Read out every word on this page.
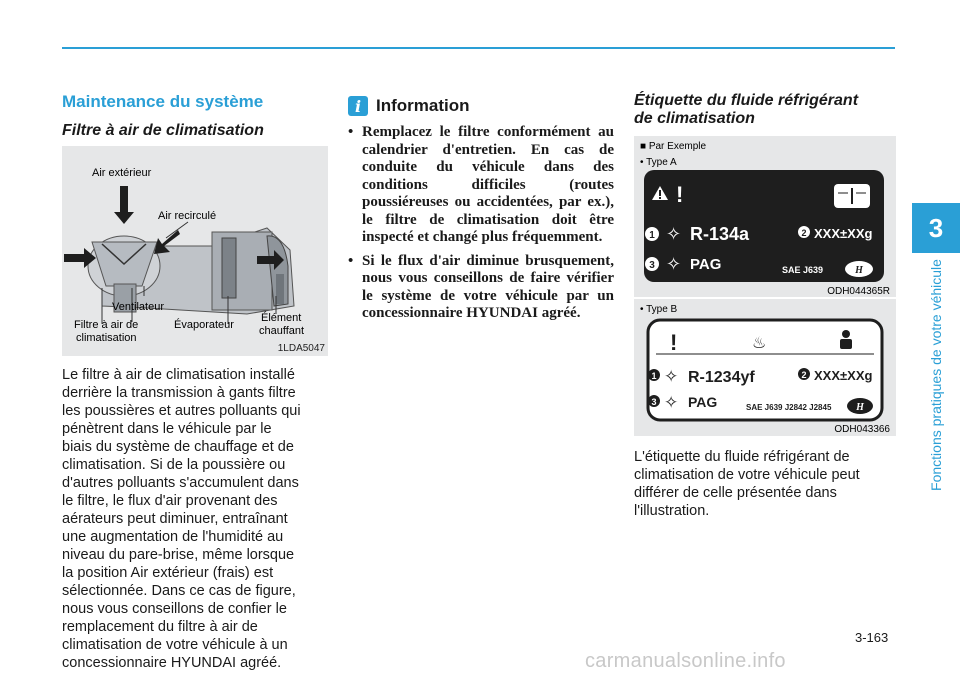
3
Fonctions pratiques de votre véhicule
Maintenance du système
Filtre à air de climatisation
Air extérieur
Air recirculé
Ventilateur
Filtre à air de
climatisation
Évaporateur
Élément
chauffant
1LDA5047
Le filtre à air de climatisation installé
derrière la transmission à gants filtre
les poussières et autres polluants qui
pénètrent dans le véhicule par le
biais du système de chauffage et de
climatisation. Si de la poussière ou
d'autres polluants s'accumulent dans
le filtre, le flux d'air provenant des
aérateurs peut diminuer, entraînant
une augmentation de l'humidité au
niveau du pare-brise, même lorsque
la position Air extérieur (frais) est
sélectionnée. Dans ce cas de figure,
nous vous conseillons de confier le
remplacement du filtre à air de
climatisation de votre véhicule à un
concessionnaire HYUNDAI agréé.
i Information
• Remplacez le filtre conformément au calendrier d'entretien. En cas de conduite du véhicule dans des conditions difficiles (routes poussiéreuses ou accidentées, par ex.), le filtre de climatisation doit être inspecté et changé plus fréquemment.
• Si le flux d'air diminue brusquement, nous vous conseillons de faire vérifier le système de votre véhicule par un concessionnaire HYUNDAI agréé.
Étiquette du fluide réfrigérant
de climatisation
■ Par Exemple
• Type A
!
1 ✧ R-134a	2 XXX±XXg
3 ✧ PAG	SAE J639	H
ODH044365R
• Type B
!	♨
1 ✧ R-1234yf	2 XXX±XXg
3 ✧ PAG	SAE J639 J2842 J2845 H
ODH043366
L'étiquette du fluide réfrigérant de
climatisation de votre véhicule peut
différer de celle présentée dans
l'illustration.
3-163
carmanualsonline.info
